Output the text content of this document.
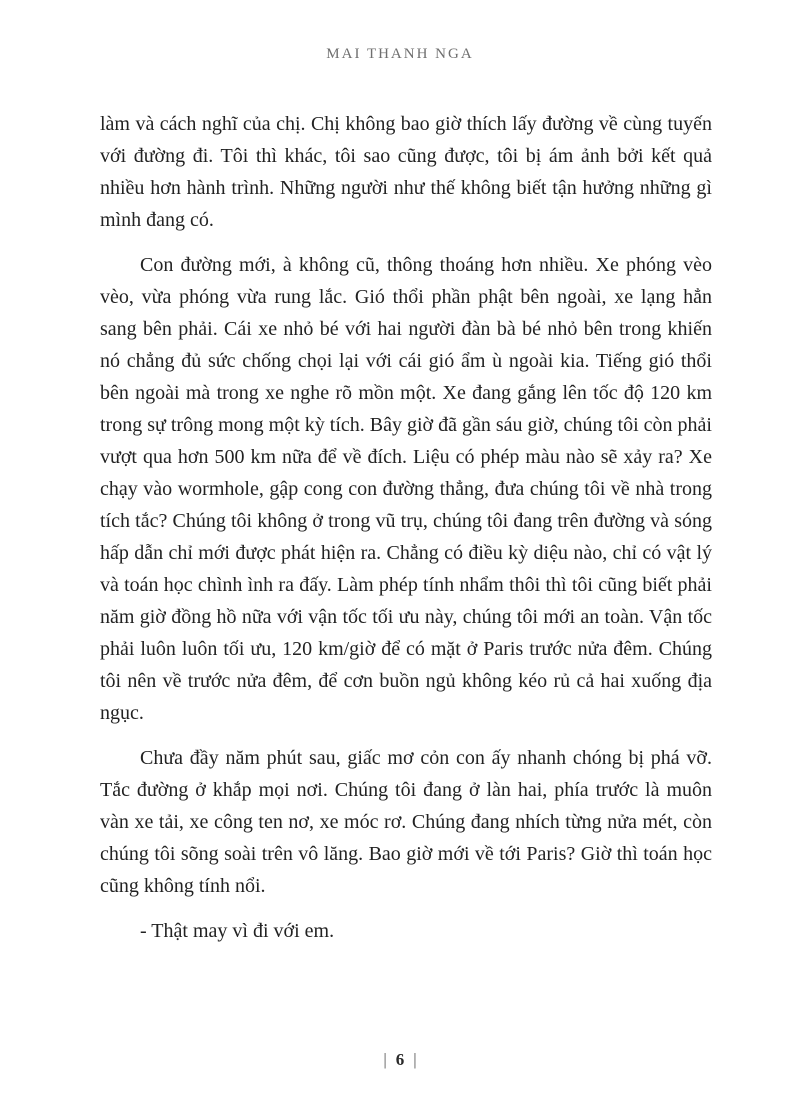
MAI THANH NGA

làm và cách nghĩ của chị. Chị không bao giờ thích lấy đường về cùng tuyến với đường đi. Tôi thì khác, tôi sao cũng được, tôi bị ám ảnh bởi kết quả nhiều hơn hành trình. Những người như thế không biết tận hưởng những gì mình đang có.

Con đường mới, à không cũ, thông thoáng hơn nhiều. Xe phóng vèo vèo, vừa phóng vừa rung lắc. Gió thổi phần phật bên ngoài, xe lạng hẳn sang bên phải. Cái xe nhỏ bé với hai người đàn bà bé nhỏ bên trong khiến nó chẳng đủ sức chống chọi lại với cái gió ẩm ù ngoài kia. Tiếng gió thổi bên ngoài mà trong xe nghe rõ mồn một. Xe đang gắng lên tốc độ 120 km trong sự trông mong một kỳ tích. Bây giờ đã gần sáu giờ, chúng tôi còn phải vượt qua hơn 500 km nữa để về đích. Liệu có phép màu nào sẽ xảy ra? Xe chạy vào wormhole, gập cong con đường thẳng, đưa chúng tôi về nhà trong tích tắc? Chúng tôi không ở trong vũ trụ, chúng tôi đang trên đường và sóng hấp dẫn chỉ mới được phát hiện ra. Chẳng có điều kỳ diệu nào, chỉ có vật lý và toán học chình ình ra đấy. Làm phép tính nhẩm thôi thì tôi cũng biết phải năm giờ đồng hồ nữa với vận tốc tối ưu này, chúng tôi mới an toàn. Vận tốc phải luôn luôn tối ưu, 120 km/giờ để có mặt ở Paris trước nửa đêm. Chúng tôi nên về trước nửa đêm, để cơn buồn ngủ không kéo rủ cả hai xuống địa ngục.

Chưa đầy năm phút sau, giấc mơ cỏn con ấy nhanh chóng bị phá vỡ. Tắc đường ở khắp mọi nơi. Chúng tôi đang ở làn hai, phía trước là muôn vàn xe tải, xe công ten nơ, xe móc rơ. Chúng đang nhích từng nửa mét, còn chúng tôi sõng soài trên vô lăng. Bao giờ mới về tới Paris? Giờ thì toán học cũng không tính nổi.

- Thật may vì đi với em.

| 6 |
